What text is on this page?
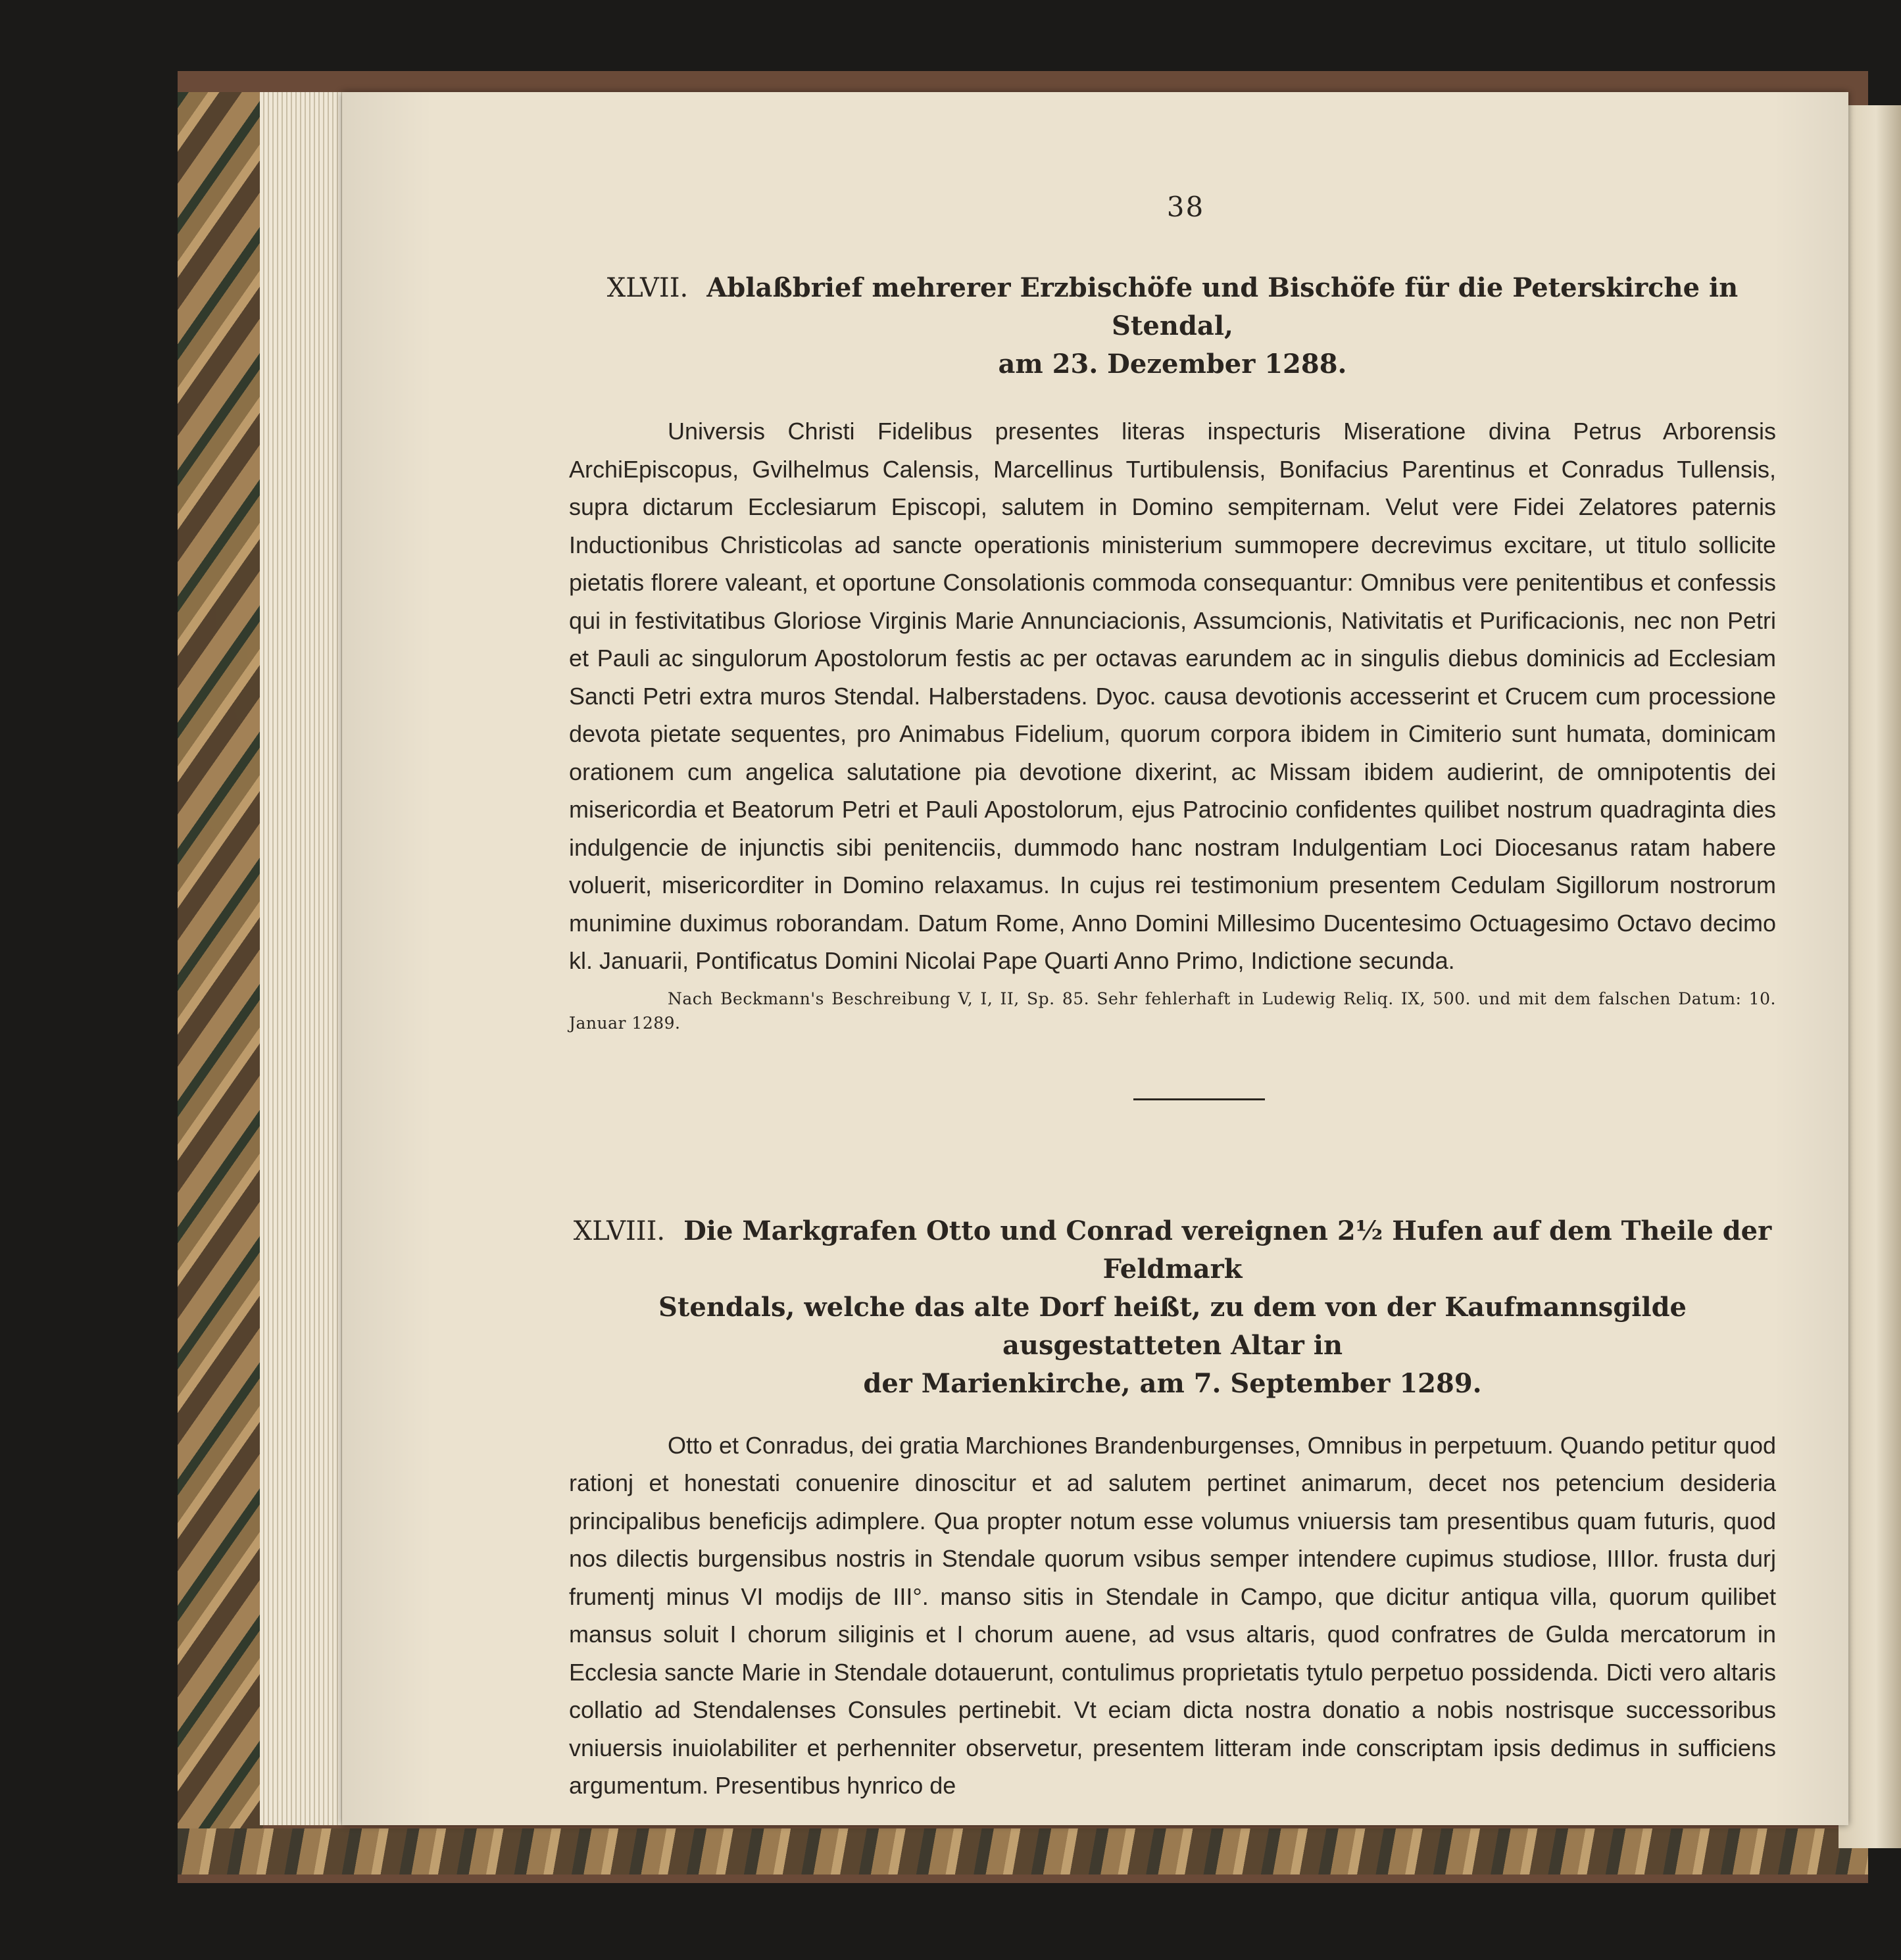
38
XLVII. Ablaßbrief mehrerer Erzbischöfe und Bischöfe für die Peterskirche in Stendal,
am 23. Dezember 1288.
Universis Christi Fidelibus presentes literas inspecturis Miseratione divina Petrus Arborensis ArchiEpiscopus, Gvilhelmus Calensis, Marcellinus Turtibulensis, Bonifacius Parentinus et Conradus Tullensis, supra dictarum Ecclesiarum Episcopi, salutem in Domino sempiternam. Velut vere Fidei Zelatores paternis Inductionibus Christicolas ad sancte operationis ministerium summopere decrevimus excitare, ut titulo sollicite pietatis florere valeant, et oportune Consolationis commoda consequantur: Omnibus vere penitentibus et confessis qui in festivitatibus Gloriose Virginis Marie Annunciacionis, Assumcionis, Nativitatis et Purificacionis, nec non Petri et Pauli ac singulorum Apostolorum festis ac per octavas earundem ac in singulis diebus dominicis ad Ecclesiam Sancti Petri extra muros Stendal. Halberstadens. Dyoc. causa devotionis accesserint et Crucem cum processione devota pietate sequentes, pro Animabus Fidelium, quorum corpora ibidem in Cimiterio sunt humata, dominicam orationem cum angelica salutatione pia devotione dixerint, ac Missam ibidem audierint, de omnipotentis dei misericordia et Beatorum Petri et Pauli Apostolorum, ejus Patrocinio confidentes quilibet nostrum quadraginta dies indulgencie de injunctis sibi penitenciis, dummodo hanc nostram Indulgentiam Loci Diocesanus ratam habere voluerit, misericorditer in Domino relaxamus. In cujus rei testimonium presentem Cedulam Sigillorum nostrorum munimine duximus roborandam. Datum Rome, Anno Domini Millesimo Ducentesimo Octuagesimo Octavo decimo kl. Januarii, Pontificatus Domini Nicolai Pape Quarti Anno Primo, Indictione secunda.
Nach Beckmann's Beschreibung V, I, II, Sp. 85. Sehr fehlerhaft in Ludewig Reliq. IX, 500. und mit dem falschen Datum: 10. Januar 1289.
XLVIII. Die Markgrafen Otto und Conrad vereignen 2½ Hufen auf dem Theile der Feldmark
Stendals, welche das alte Dorf heißt, zu dem von der Kaufmannsgilde ausgestatteten Altar in
der Marienkirche, am 7. September 1289.
Otto et Conradus, dei gratia Marchiones Brandenburgenses, Omnibus in perpetuum. Quando petitur quod rationj et honestati conuenire dinoscitur et ad salutem pertinet animarum, decet nos petencium desideria principalibus beneficijs adimplere. Qua propter notum esse volumus vniuersis tam presentibus quam futuris, quod nos dilectis burgensibus nostris in Stendale quorum vsibus semper intendere cupimus studiose, IIIIor. frusta durj frumentj minus VI modijs de III°. manso sitis in Stendale in Campo, que dicitur antiqua villa, quorum quilibet mansus soluit I chorum siliginis et I chorum auene, ad vsus altaris, quod confratres de Gulda mercatorum in Ecclesia sancte Marie in Stendale dotauerunt, contulimus proprietatis tytulo perpetuo possidenda. Dicti vero altaris collatio ad Stendalenses Consules pertinebit. Vt eciam dicta nostra donatio a nobis nostrisque successoribus vniuersis inuiolabiliter et perhenniter observetur, presentem litteram inde conscriptam ipsis dedimus in sufficiens argumentum. Presentibus hynrico de
